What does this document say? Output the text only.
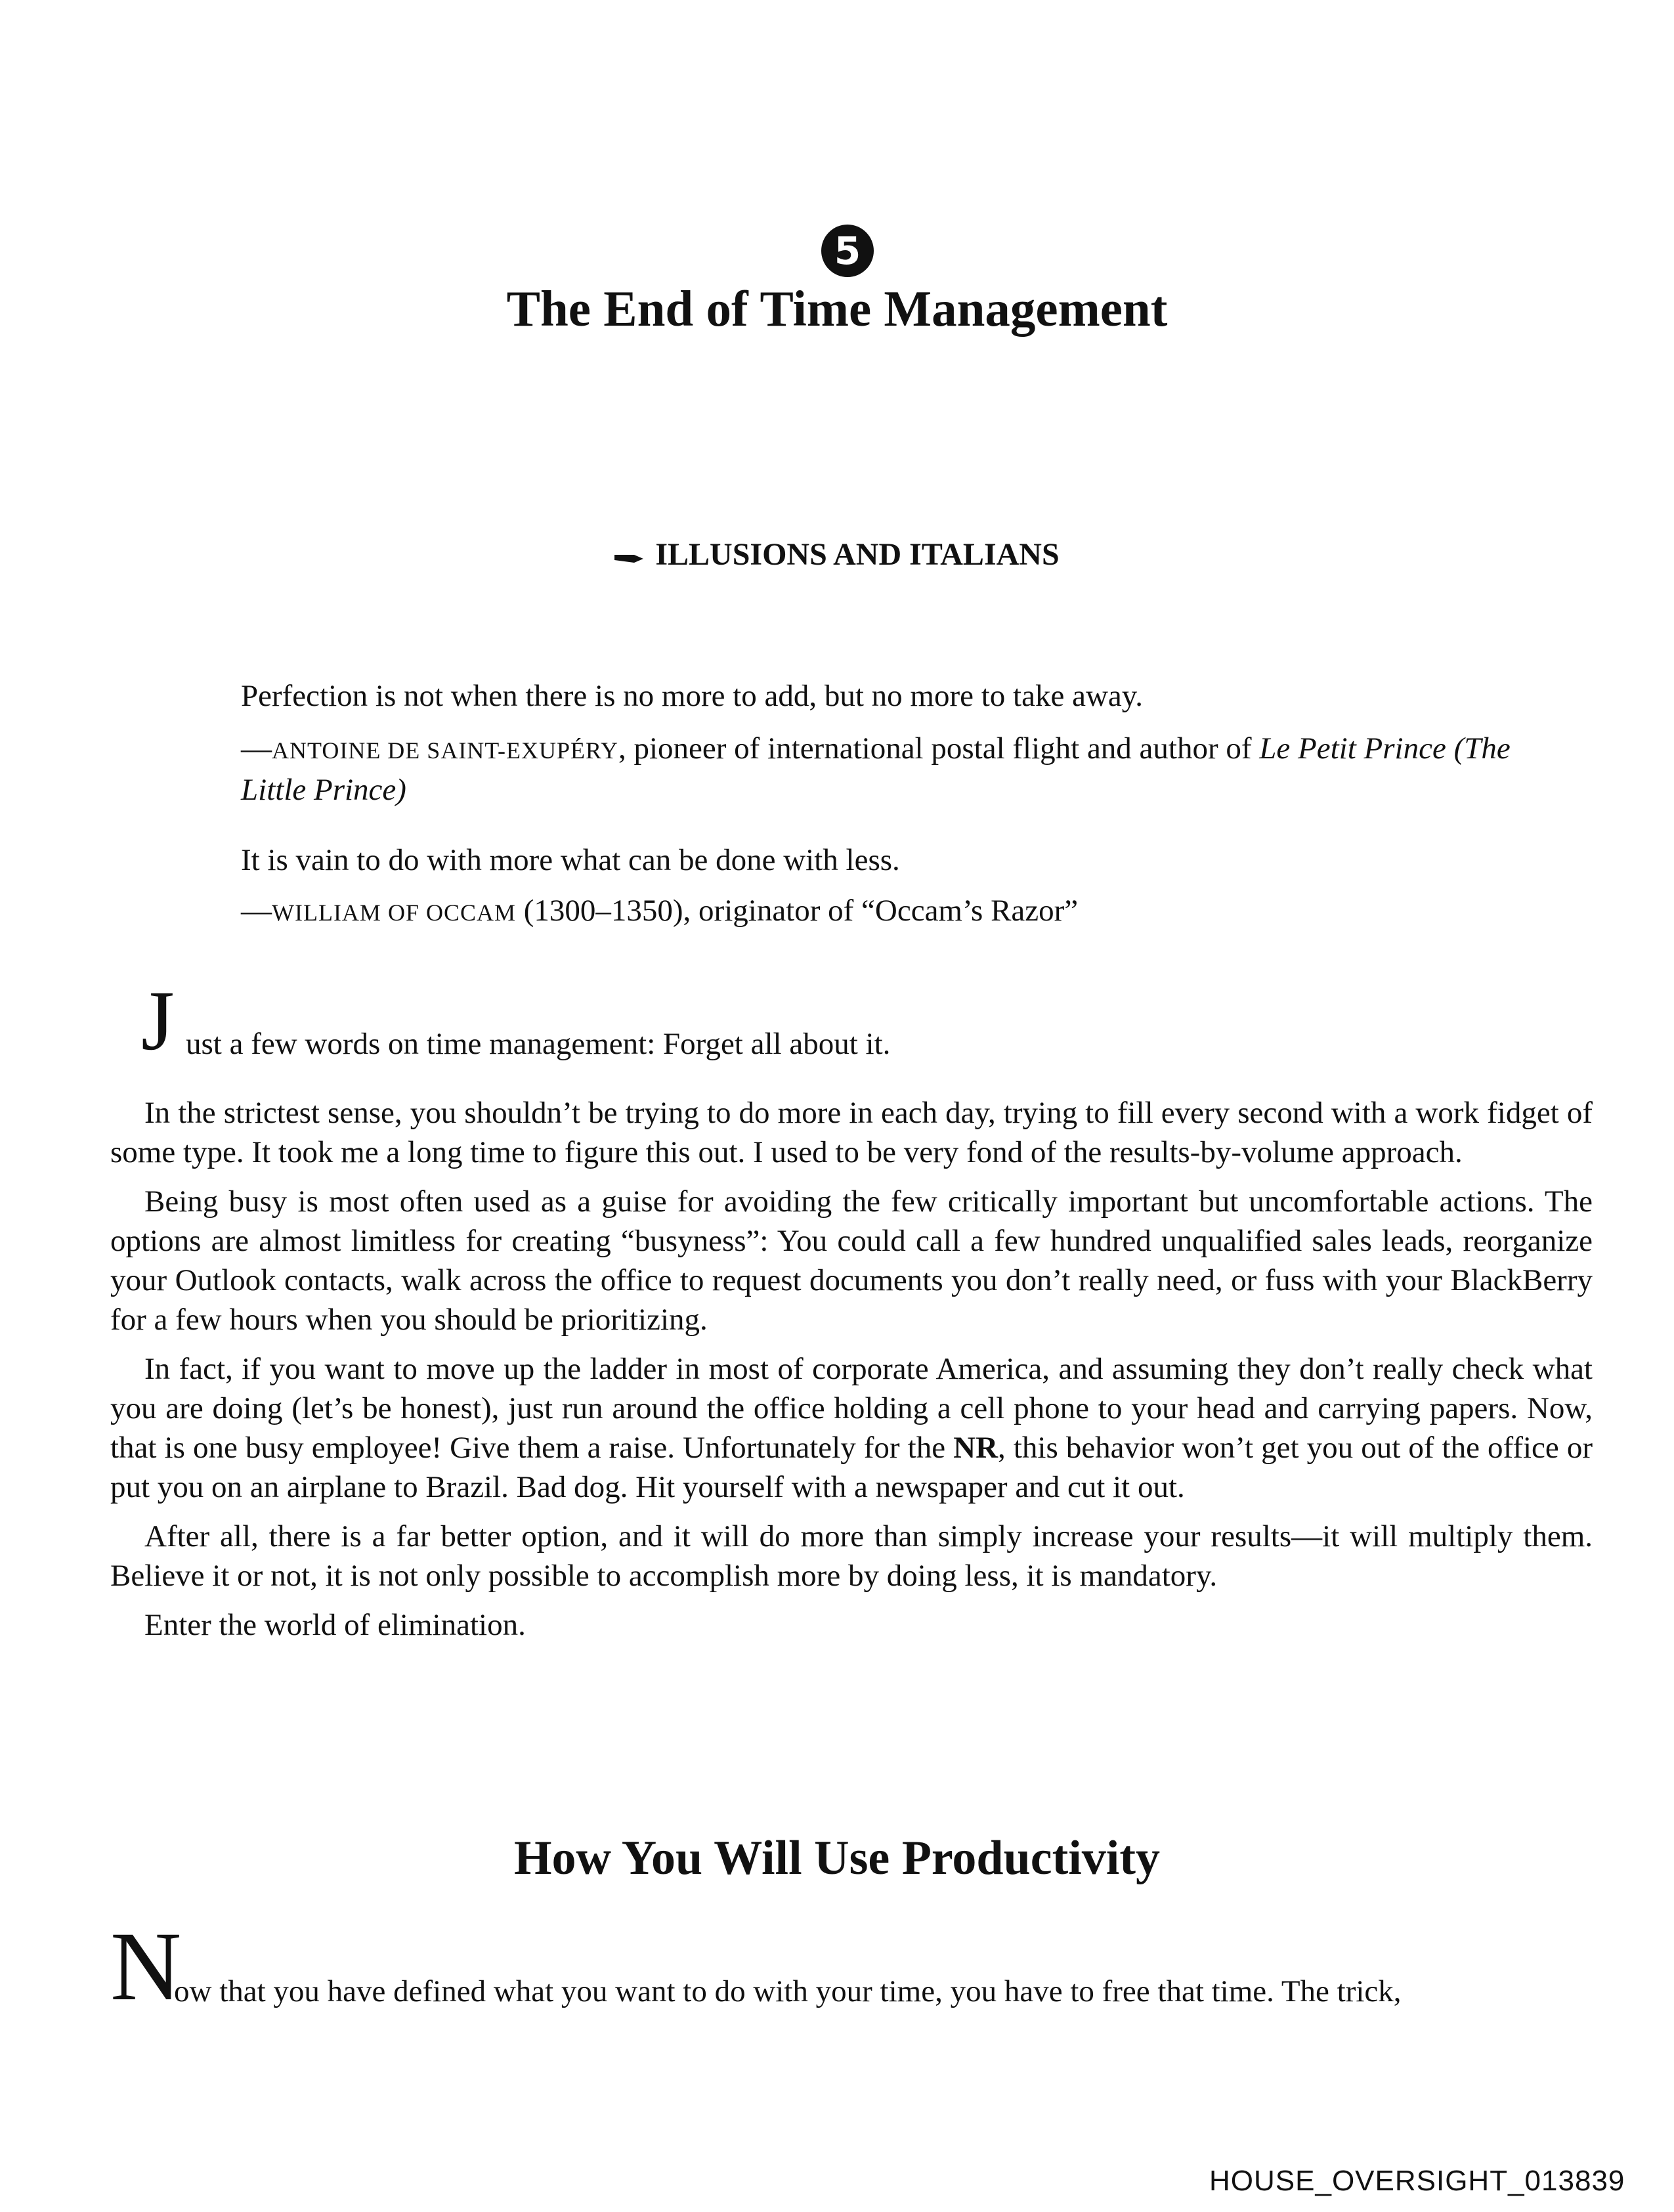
5
The End of Time Management
ILLUSIONS AND ITALIANS
Perfection is not when there is no more to add, but no more to take away.
—ANTOINE DE SAINT-EXUPÉRY, pioneer of international postal flight and author of Le Petit Prince (The Little Prince)
It is vain to do with more what can be done with less.
—WILLIAM OF OCCAM (1300–1350), originator of “Occam’s Razor”
J ust a few words on time management: Forget all about it.

In the strictest sense, you shouldn’t be trying to do more in each day, trying to fill every second with a work fidget of some type. It took me a long time to figure this out. I used to be very fond of the results-by-volume approach.

Being busy is most often used as a guise for avoiding the few critically important but uncomfortable actions. The options are almost limitless for creating “busyness”: You could call a few hundred unqualified sales leads, reorganize your Outlook contacts, walk across the office to request documents you don’t really need, or fuss with your BlackBerry for a few hours when you should be prioritizing.

In fact, if you want to move up the ladder in most of corporate America, and assuming they don’t really check what you are doing (let’s be honest), just run around the office holding a cell phone to your head and carrying papers. Now, that is one busy employee! Give them a raise. Unfortunately for the NR, this behavior won’t get you out of the office or put you on an airplane to Brazil. Bad dog. Hit yourself with a newspaper and cut it out.

After all, there is a far better option, and it will do more than simply increase your results—it will multiply them. Believe it or not, it is not only possible to accomplish more by doing less, it is mandatory.

Enter the world of elimination.

How You Will Use Productivity
N
ow that you have defined what you want to do with your time, you have to free that time. The trick,
HOUSE_OVERSIGHT_013839
